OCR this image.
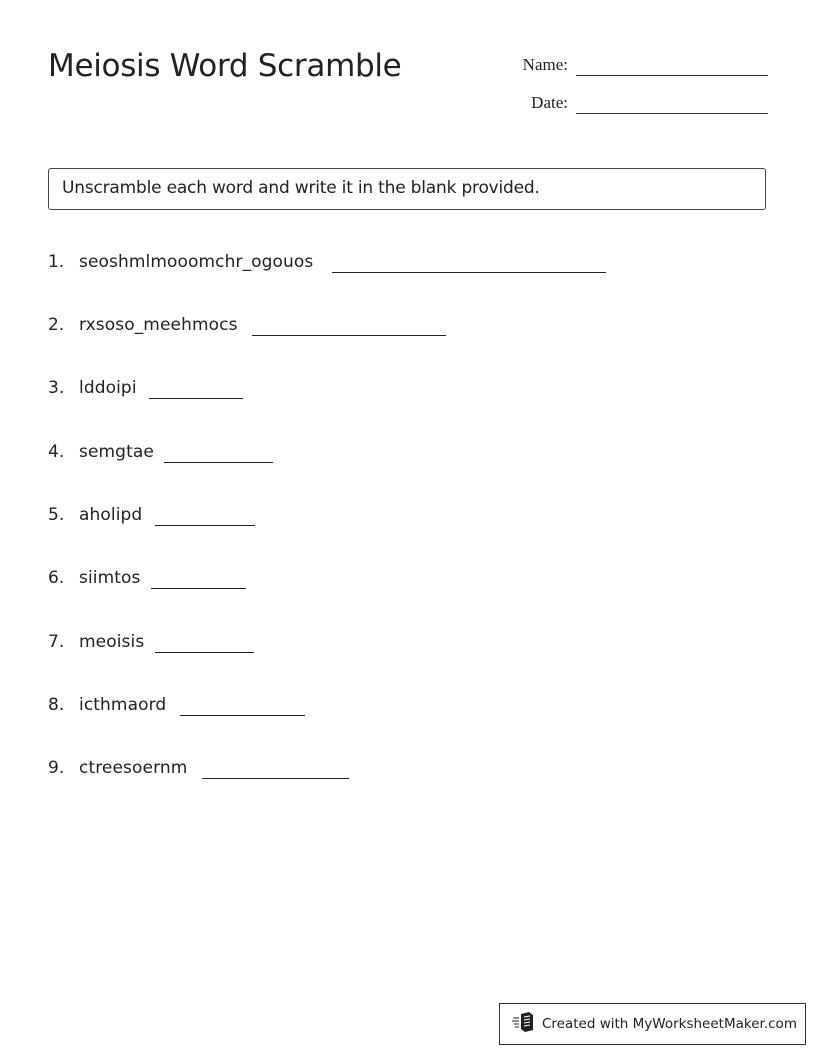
Meiosis Word Scramble	Name:
Date:
Unscramble each word and write it in the blank provided.
1. seoshmlmooomchr_ogouos
2. rxsoso_meehmocs
3. lddoipi
4. semgtae
5. aholipd
6. siimtos
7. meoisis
8. icthmaord
9. ctreesoernm
Created with MyWorksheetMaker.com
